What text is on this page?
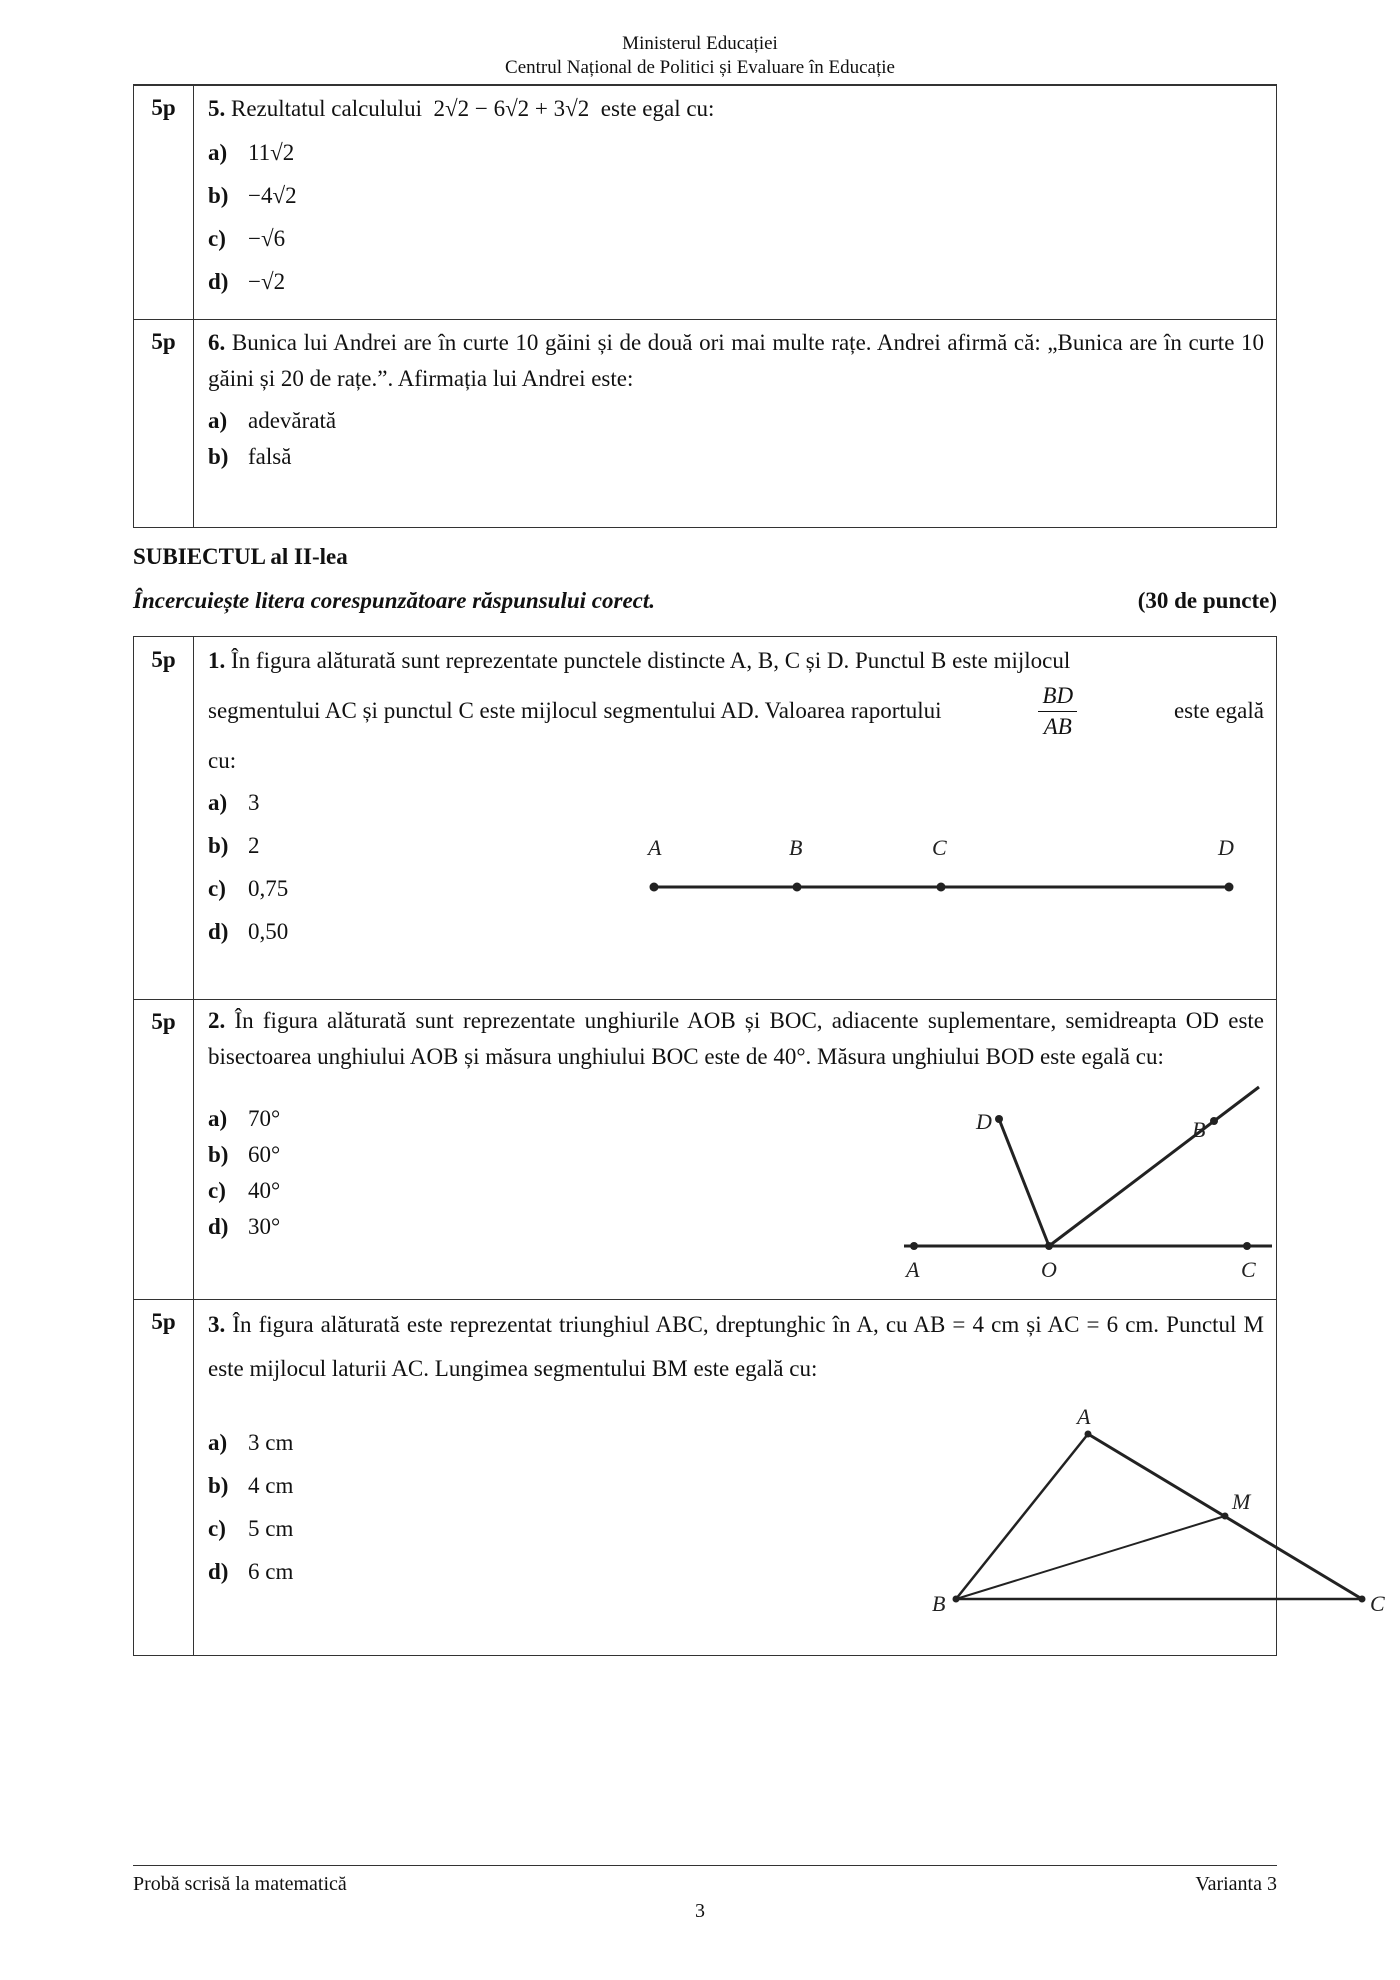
Ministerul Educației
Centrul Național de Politici și Evaluare în Educație
5p	5. Rezultatul calculului 2√2 − 6√2 + 3√2 este egal cu:
a) 11√2
b) −4√2
c) −√6
d) −√2
5p	6. Bunica lui Andrei are în curte 10 găini și de două ori mai multe rațe. Andrei afirmă că: „Bunica are în curte 10 găini și 20 de rațe.”. Afirmația lui Andrei este:
a) adevărată
b) falsă
SUBIECTUL al II-lea
Încercuiește litera corespunzătoare răspunsului corect.	(30 de puncte)
5p	1. În figura alăturată sunt reprezentate punctele distincte A, B, C și D. Punctul B este mijlocul
segmentului AC și punctul C este mijlocul segmentului AD. Valoarea raportului	$\frac{BD}{AB}$	este egală
cu:
a) 3
b) 2
c) 0,75
d) 0,50
A	B	C	D
5p	2. În figura alăturată sunt reprezentate unghiurile AOB și BOC, adiacente suplementare, semidreapta OD este bisectoarea unghiului AOB și măsura unghiului BOC este de 40°. Măsura unghiului BOD este egală cu:
a) 70°
b) 60°
c) 40°
d) 30°
D	B
A	O	C
5p	3. În figura alăturată este reprezentat triunghiul ABC, dreptunghic în A, cu AB = 4 cm și AC = 6 cm. Punctul M este mijlocul laturii AC. Lungimea segmentului BM este egală cu:
a) 3 cm
b) 4 cm
c) 5 cm
d) 6 cm
A
M
B	C
Probă scrisă la matematică	Varianta 3
3
